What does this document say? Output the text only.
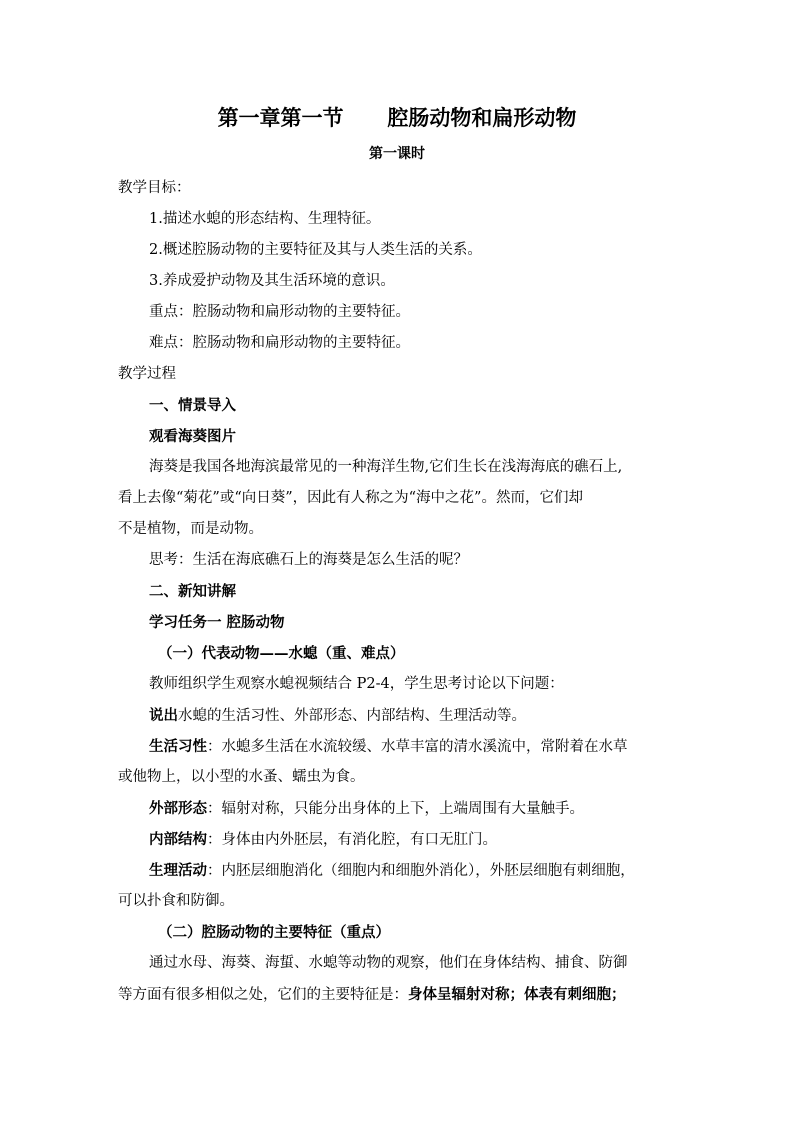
第一章第一节      腔肠动物和扁形动物
第一课时
教学目标：
1.描述水螅的形态结构、生理特征。
2.概述腔肠动物的主要特征及其与人类生活的关系。
3.养成爱护动物及其生活环境的意识。
重点：腔肠动物和扁形动物的主要特征。
难点：腔肠动物和扁形动物的主要特征。
教学过程
一、情景导入
观看海葵图片
海葵是我国各地海滨最常见的一种海洋生物,它们生长在浅海海底的礁石上,
看上去像“菊花”或“向日葵”，因此有人称之为“海中之花”。然而，它们却
不是植物，而是动物。
思考：生活在海底礁石上的海葵是怎么生活的呢？
二、新知讲解
学习任务一 腔肠动物
（一）代表动物——水螅（重、难点）
教师组织学生观察水螅视频结合 P2-4，学生思考讨论以下问题：
说出水螅的生活习性、外部形态、内部结构、生理活动等。
生活习性：水螅多生活在水流较缓、水草丰富的清水溪流中，常附着在水草
或他物上，以小型的水蚤、蠕虫为食。
外部形态：辐射对称，只能分出身体的上下，上端周围有大量触手。
内部结构：身体由内外胚层，有消化腔，有口无肛门。
生理活动：内胚层细胞消化（细胞内和细胞外消化），外胚层细胞有刺细胞，
可以扑食和防御。
（二）腔肠动物的主要特征（重点）
通过水母、海葵、海蜇、水螅等动物的观察，他们在身体结构、捕食、防御
等方面有很多相似之处，它们的主要特征是：身体呈辐射对称；体表有刺细胞；
